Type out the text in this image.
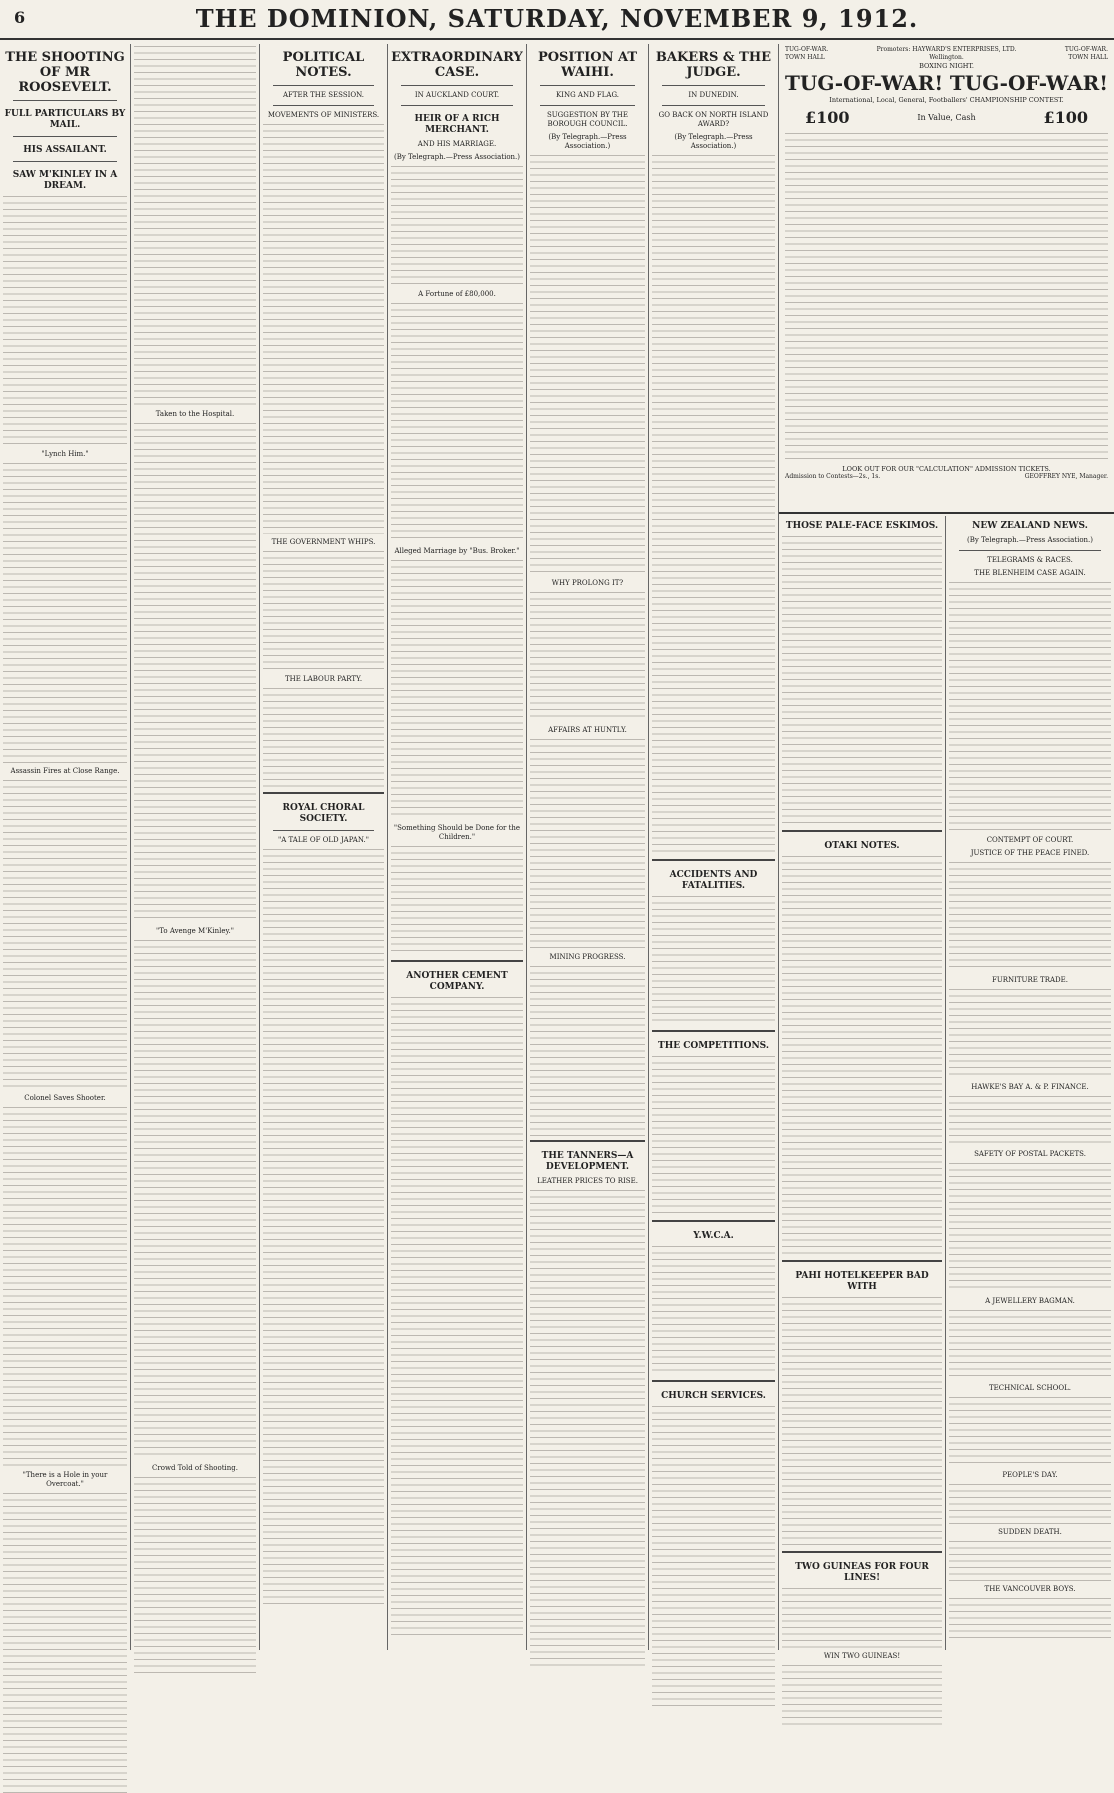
6	THE DOMINION, SATURDAY, NOVEMBER 9, 1912.
THE SHOOTING OF MR ROOSEVELT.
FULL PARTICULARS BY MAIL.
HIS ASSAILANT.
SAW M'KINLEY IN A DREAM.
"Lynch Him."
Assassin Fires at Close Range.
Colonel Saves Shooter.
"There is a Hole in your Overcoat."
Taken to the Hospital.
"To Avenge M'Kinley."
Crowd Told of Shooting.
POLITICAL NOTES.
AFTER THE SESSION.
MOVEMENTS OF MINISTERS.
THE GOVERNMENT WHIPS.
THE LABOUR PARTY.
ROYAL CHORAL SOCIETY.
"A TALE OF OLD JAPAN."
EXTRAORDINARY CASE.
IN AUCKLAND COURT.
HEIR OF A RICH MERCHANT.
AND HIS MARRIAGE.
(By Telegraph.—Press Association.)
A Fortune of £80,000.
Alleged Marriage by "Bus. Broker."
"Something Should be Done for the Children."
ANOTHER CEMENT COMPANY.
POSITION AT WAIHI.
KING AND FLAG.
SUGGESTION BY THE BOROUGH COUNCIL.
(By Telegraph.—Press Association.)
WHY PROLONG IT?
AFFAIRS AT HUNTLY.
MINING PROGRESS.
THE TANNERS—A DEVELOPMENT.
LEATHER PRICES TO RISE.
BAKERS & THE JUDGE.
IN DUNEDIN.
GO BACK ON NORTH ISLAND AWARD?
(By Telegraph.—Press Association.)
ACCIDENTS AND FATALITIES.
THE COMPETITIONS.
Y.W.C.A.
CHURCH SERVICES.
TUG-OF-WAR.	Promoters: HAYWARD'S ENTERPRISES, LTD.	TUG-OF-WAR.
TOWN HALL	Wellington.	TOWN HALL
BOXING NIGHT.
TUG-OF-WAR! TUG-OF-WAR!
International, Local, General, Footballers' CHAMPIONSHIP CONTEST.
£100	In Value, Cash	£100
LOOK OUT FOR OUR "CALCULATION" ADMISSION TICKETS.
Admission to Contests—2s., 1s.	GEOFFREY NYE, Manager.
THOSE PALE-FACE ESKIMOS.
OTAKI NOTES.
PAHI HOTELKEEPER BAD WITH
TWO GUINEAS FOR FOUR LINES!
WIN TWO GUINEAS!
NEW ZEALAND NEWS.
(By Telegraph.—Press Association.)
TELEGRAMS & RACES.
THE BLENHEIM CASE AGAIN.
CONTEMPT OF COURT.
JUSTICE OF THE PEACE FINED.
FURNITURE TRADE.
HAWKE'S BAY A. & P. FINANCE.
SAFETY OF POSTAL PACKETS.
A JEWELLERY BAGMAN.
TECHNICAL SCHOOL.
PEOPLE'S DAY.
SUDDEN DEATH.
THE VANCOUVER BOYS.
